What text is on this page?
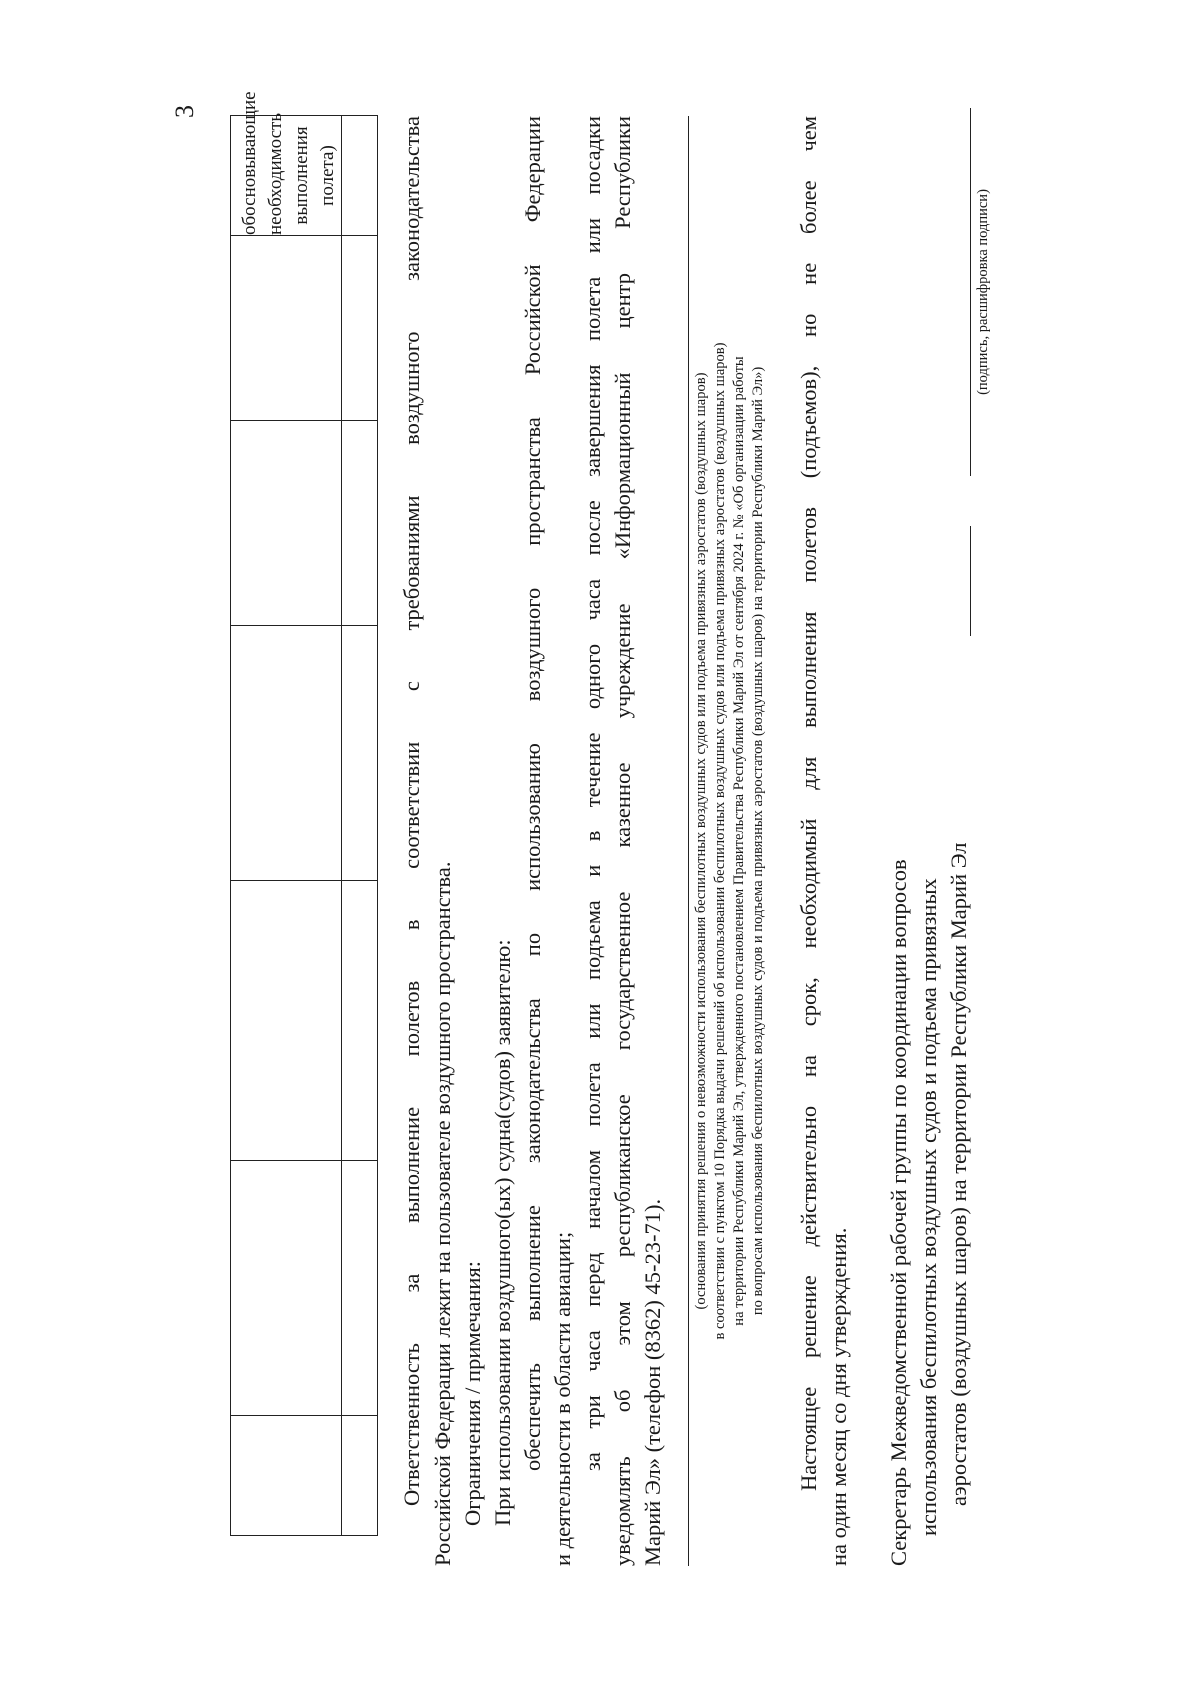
3

						обосновывающие необходимость выполнения полета)

							Ответственность за выполнение полетов в соответствии с требованиями воздушного законодательства Российской Федерации лежит на пользователе воздушного пространства. Ограничения / примечания: При использовании воздушного(ых) судна(судов) заявителю: обеспечить выполнение законодательства по использованию воздушного пространства Российской Федерации и деятельности в области авиации; за три часа перед началом полета или подъема и в течение одного часа после завершения полета или посадки уведомлять об этом республиканское государственное казенное учреждение «Информационный центр Республики Марий Эл» (телефон (8362) 45-23-71).

(основания принятия решения о невозможности использования беспилотных воздушных судов или подъема привязных аэростатов (воздушных шаров) в соответствии с пунктом 10 Порядка выдачи решений об использовании беспилотных воздушных судов или подъема привязных аэростатов (воздушных шаров) на территории Республики Марий Эл, утвержденного постановлением Правительства Республики Марий Эл от сентября 2024 г. № «Об организации работы по вопросам использования беспилотных воздушных судов и подъема привязных аэростатов (воздушных шаров) на территории Республики Марий Эл») Настоящее решение действительно на срок, необходимый для выполнения полетов (подъемов), но не более чем на один месяц со дня утверждения. Секретарь Межведомственной рабочей группы по координации вопросов использования беспилотных воздушных судов и подъема привязных аэростатов (воздушных шаров) на территории Республики Марий Эл

(подпись, расшифровка подписи)
